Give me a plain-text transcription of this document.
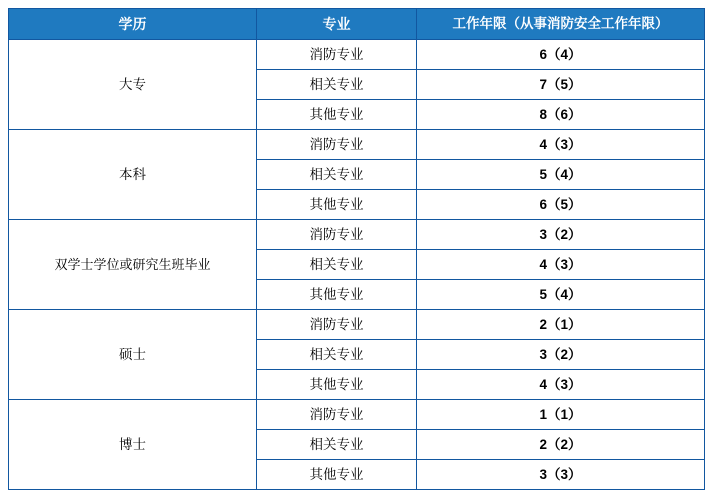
学历	专业	工作年限（从事消防安全工作年限）
大专	消防专业	6（4）
	相关专业	7（5）
	其他专业	8（6）
本科	消防专业	4（3）
	相关专业	5（4）
	其他专业	6（5）
双学士学位或研究生班毕业	消防专业	3（2）
	相关专业	4（3）
	其他专业	5（4）
硕士	消防专业	2（1）
	相关专业	3（2）
	其他专业	4（3）
博士	消防专业	1（1）
	相关专业	2（2）
	其他专业	3（3）
